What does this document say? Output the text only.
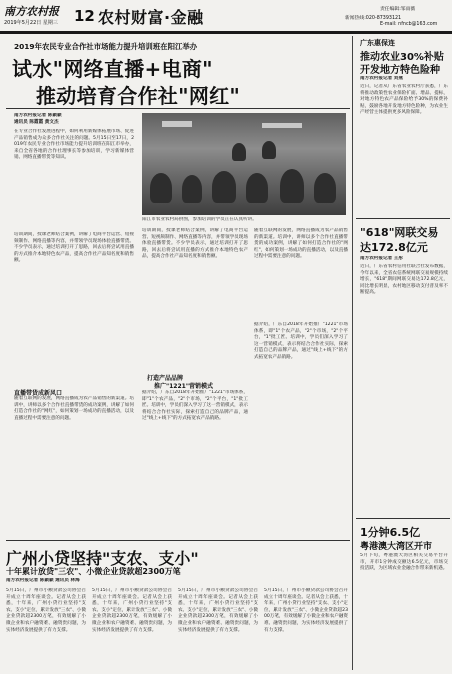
南方农村报
2019年5月22日 星期三 12 农村财富·金融	责任编辑:邹雨薇
新闻热线:020-87393121
E-mail: nfncb@163.com
2019年农民专业合作社市场能力提升培训班在阳江举办
试水"网络直播+电商"
推动培育合作社"网红"
阳江市农业农村局供图，参加培训的学员正在认真听讲。
南方农村报记者 陈颖颖
通讯员 陈霞霞 黄文杰
在专业合作社发展进程中，如何利用新媒体拓展市场、促进产品销售成为众多合作社关注的问题。5月15日至17日，2019年农民专业合作社市场能力提升培训班在阳江市举办，来自全省各地的合作社理事长等参加培训，学习新媒体营销、网络直播带货等知识。
培训期间，授课老师结合案例，讲解了电商平台运营、短视频制作、网络直播等内容，并带领学员现场体验直播带货。不少学员表示，通过培训打开了思路，回去后将尝试用直播的方式推介本地特色农产品，提高合作社产品知名度和销售额。
直播带货成新风口
随着互联网的发展，网络直播成为农产品销售的新渠道。培训中，讲师以多个合作社直播带货的成功案例，讲解了如何打造合作社的"网红"，如何策划一场成功的直播活动，以及直播过程中需要注意的问题。
培训期间，授课老师结合案例，讲解了电商平台运营、短视频制作、网络直播等内容，并带领学员现场体验直播带货。不少学员表示，通过培训打开了思路，回去后将尝试用直播的方式推介本地特色农产品，提高合作社产品知名度和销售额。
打造产品品牌
推广"1221"营销模式
据介绍，广东自2018年开始推广"1221"市场体系，即"1"个农产品，"2"个市场，"2"个平台，"1"批工匠。培训中，学员们深入学习了这一营销模式，表示将结合合作社实际，探索打造自己的品牌产品，通过"线上+线下"的方式拓宽农产品销路。
随着互联网的发展，网络直播成为农产品销售的新渠道。培训中，讲师以多个合作社直播带货的成功案例，讲解了如何打造合作社的"网红"，如何策划一场成功的直播活动，以及直播过程中需要注意的问题。
据介绍，广东自2018年开始推广"1221"市场体系，即"1"个农产品，"2"个市场，"2"个平台，"1"批工匠。培训中，学员们深入学习了这一营销模式，表示将结合合作社实际，探索打造自己的品牌产品，通过"线上+线下"的方式拓宽农产品销路。
广东惠保连
推动农业30%补贴
开发地方特色险种
南方农村报记者 刘燕
近日，记者从广东省农业农村厅获悉，广东将推动政策性农业保险扩面、增品、提标，对地方特色农产品保险给予30%的保费补贴，鼓励各地开发地方特色险种，为农业生产经营主体提供更多风险保障。
"618"网联交易
达172.8亿元
南方农村报记者 王彤
近日，广东省农村信用社联合社发布数据，今年以来，全省农信系统网联交易规模持续增长，"618"期间网联交易达172.8亿元，同比增长明显，农村地区移动支付普及率不断提高。
1分钟6.5亿
粤港澳大湾区开市
5月下旬，粤港澳大湾区相关交易平台开市，开市1分钟成交额达6.5亿元，市场交投活跃，为区域农业金融合作带来新机遇。
广州小贷坚持"支农、支小"
十年累计放贷"三农"、小微企业贷款超2300万笔
南方农村报记者 陈颖颖 通讯员 林海
5月15日，广州市小额贷款公司协会召开成立十周年座谈会。记者从会上获悉，十年来，广州小贷行业坚持"支农、支小"定位，累计发放"三农"、小微企业贷款超2300万笔，有效缓解了小微企业和农户融资难、融资贵问题，为实体经济发展提供了有力支撑。
5月15日，广州市小额贷款公司协会召开成立十周年座谈会。记者从会上获悉，十年来，广州小贷行业坚持"支农、支小"定位，累计发放"三农"、小微企业贷款超2300万笔，有效缓解了小微企业和农户融资难、融资贵问题，为实体经济发展提供了有力支撑。
5月15日，广州市小额贷款公司协会召开成立十周年座谈会。记者从会上获悉，十年来，广州小贷行业坚持"支农、支小"定位，累计发放"三农"、小微企业贷款超2300万笔，有效缓解了小微企业和农户融资难、融资贵问题，为实体经济发展提供了有力支撑。
5月15日，广州市小额贷款公司协会召开成立十周年座谈会。记者从会上获悉，十年来，广州小贷行业坚持"支农、支小"定位，累计发放"三农"、小微企业贷款超2300万笔，有效缓解了小微企业和农户融资难、融资贵问题，为实体经济发展提供了有力支撑。
